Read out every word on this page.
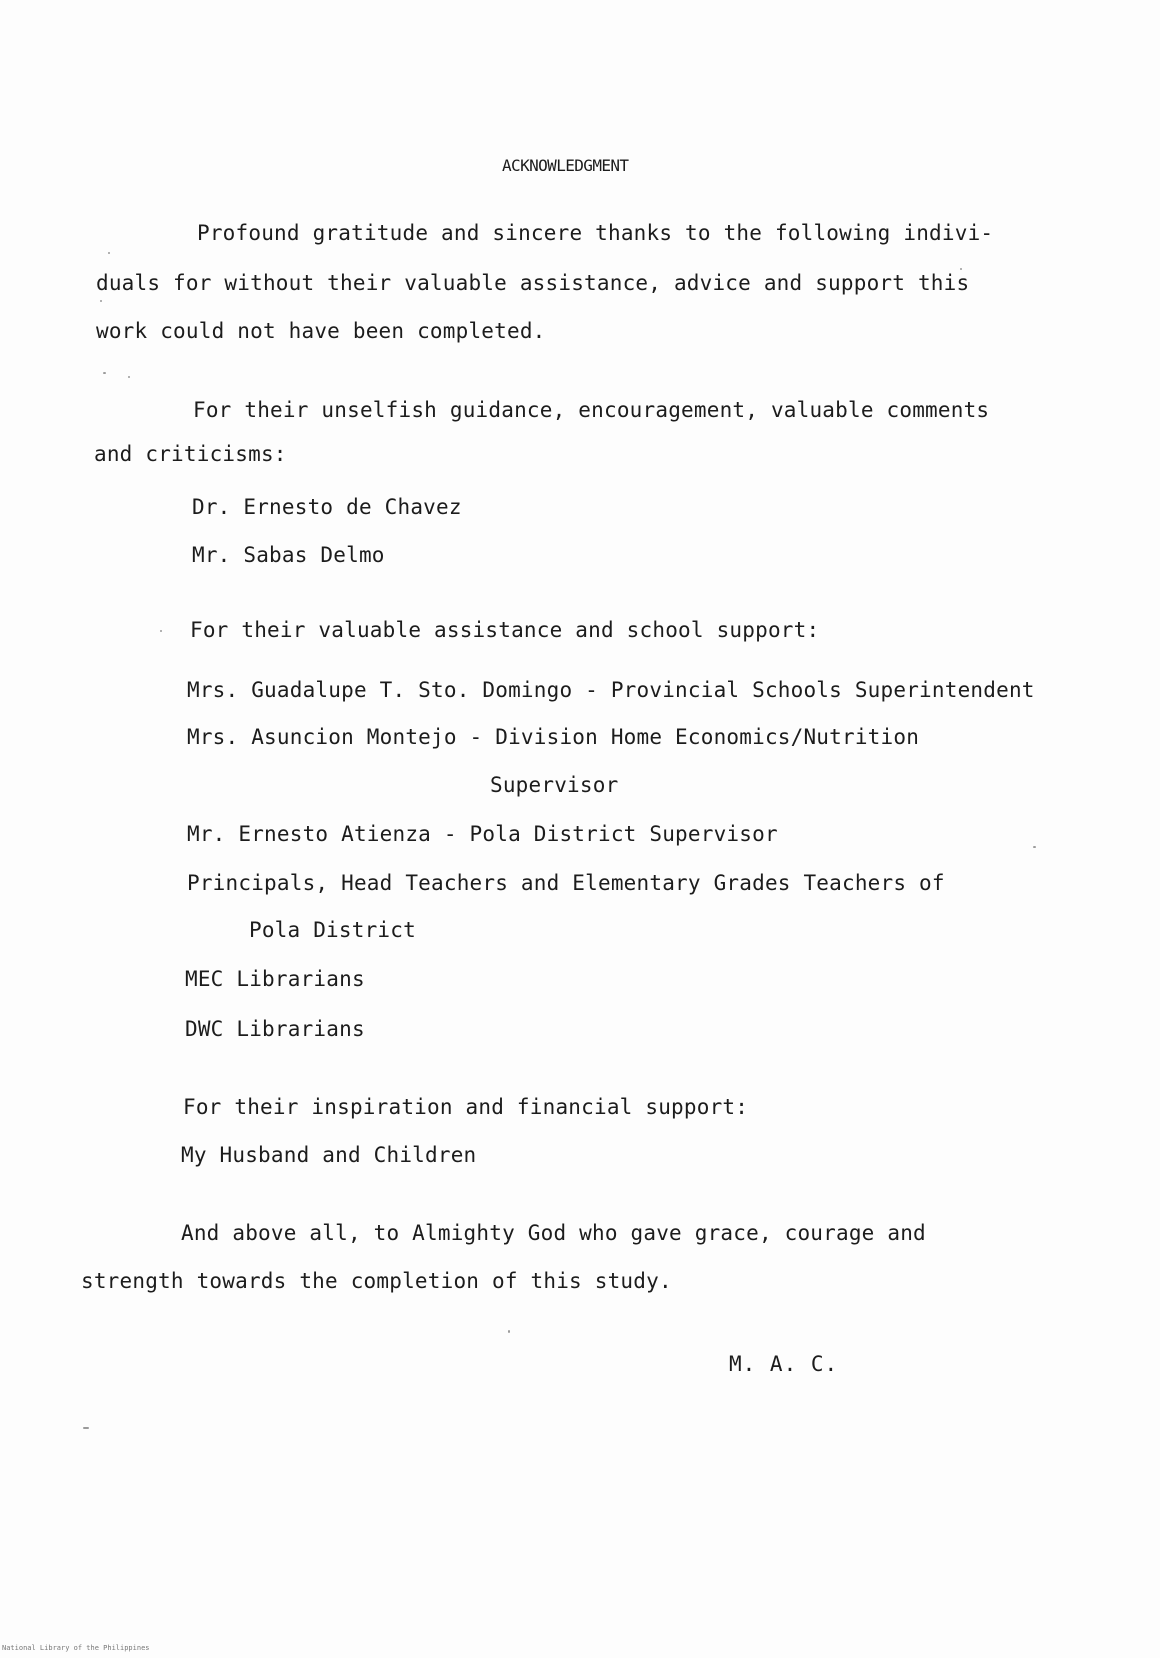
ACKNOWLEDGMENT
Profound gratitude and sincere thanks to the following indivi-
duals for without their valuable assistance, advice and support this
work could not have been completed.
For their unselfish guidance, encouragement, valuable comments
and criticisms:
Dr. Ernesto de Chavez
Mr. Sabas Delmo
For their valuable assistance and school support:
Mrs. Guadalupe T. Sto. Domingo - Provincial Schools Superintendent
Mrs. Asuncion Montejo - Division Home Economics/Nutrition
Supervisor
Mr. Ernesto Atienza - Pola District Supervisor
Principals, Head Teachers and Elementary Grades Teachers of
Pola District
MEC Librarians
DWC Librarians
For their inspiration and financial support:
My Husband and Children
And above all, to Almighty God who gave grace, courage and
strength towards the completion of this study.
M. A. C.
National Library of the Philippines
